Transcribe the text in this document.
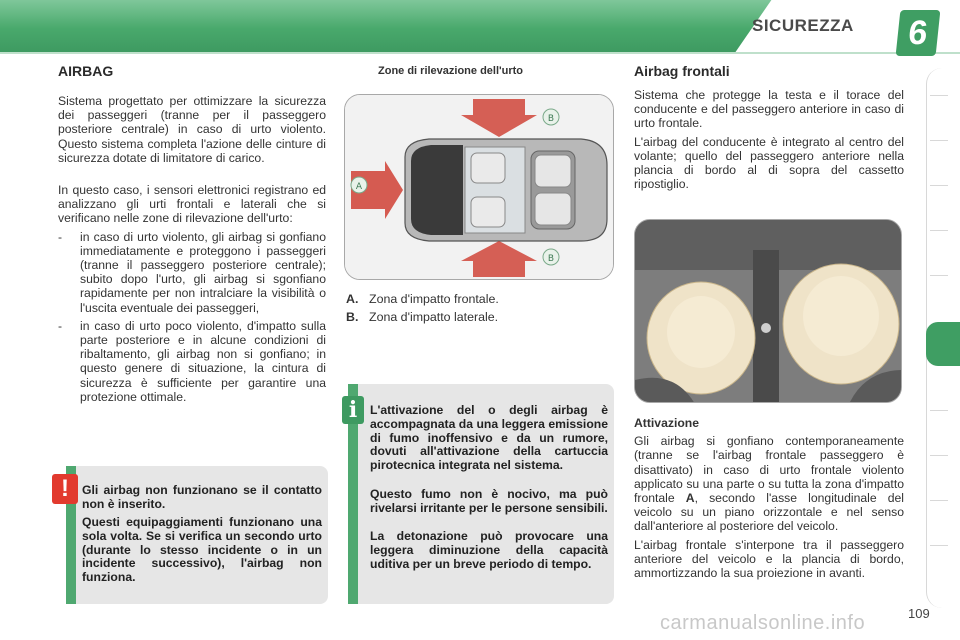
SICUREZZA	6
AIRBAG

Sistema progettato per ottimizzare la sicurezza dei passeggeri (tranne per il passeggero posteriore centrale) in caso di urto violento. Questo sistema completa l'azione delle cinture di sicurezza dotate di limitatore di carico.

In questo caso, i sensori elettronici registrano ed analizzano gli urti frontali e laterali che si verificano nelle zone di rilevazione dell'urto:

-	in caso di urto violento, gli airbag si gonfiano immediatamente e proteggono i passeggeri (tranne il passeggero posteriore centrale); subito dopo l'urto, gli airbag si sgonfiano rapidamente per non intralciare la visibilità o l'uscita eventuale dei passeggeri,
-	in caso di urto poco violento, d'impatto sulla parte posteriore e in alcune condizioni di ribaltamento, gli airbag non si gonfiano; in questo genere di situazione, la cintura di sicurezza è sufficiente per garantire una protezione ottimale.
!	Gli airbag non funzionano se il contatto non è inserito.
Questi equipaggiamenti funzionano una sola volta. Se si verifica un secondo urto (durante lo stesso incidente o in un incidente successivo), l'airbag non funziona.
Zone di rilevazione dell'urto
A
B
B
A. Zona d'impatto frontale.
B. Zona d'impatto laterale.
i	L'attivazione del o degli airbag è accompagnata da una leggera emissione di fumo inoffensivo e da un rumore, dovuti all'attivazione della cartuccia pirotecnica integrata nel sistema.
Questo fumo non è nocivo, ma può rivelarsi irritante per le persone sensibili.
La detonazione può provocare una leggera diminuzione della capacità uditiva per un breve periodo di tempo.
Airbag frontali

Sistema che protegge la testa e il torace del conducente e del passeggero anteriore in caso di urto frontale.

L'airbag del conducente è integrato al centro del volante; quello del passeggero anteriore nella plancia di bordo al di sopra del cassetto ripostiglio.

Attivazione

Gli airbag si gonfiano contemporaneamente (tranne se l'airbag frontale passeggero è disattivato) in caso di urto frontale violento applicato su una parte o su tutta la zona d'impatto frontale A, secondo l'asse longitudinale del veicolo su un piano orizzontale e nel senso dall'anteriore al posteriore del veicolo.

L'airbag frontale s'interpone tra il passeggero anteriore del veicolo e la plancia di bordo, ammortizzando la sua proiezione in avanti.

carmanualsonline.info	109
